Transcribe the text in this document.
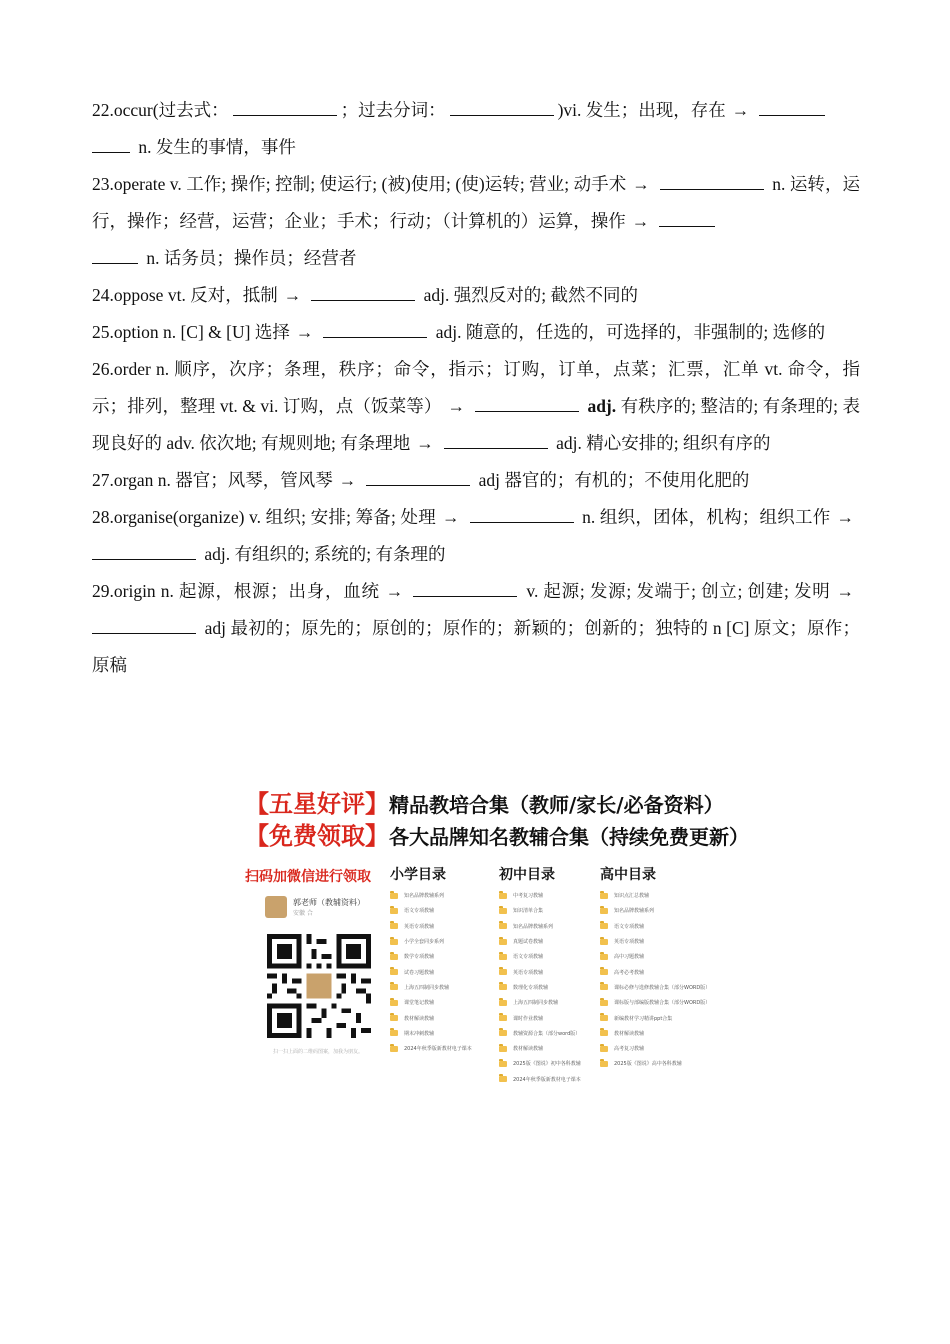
22.occur(过去式：	；过去分词：	)vi. 发生；出现，存在 →
n. 发生的事情，事件

23.operate v. 工作; 操作; 控制; 使运行; (被)使用; (使)运转; 营业; 动手术 →	n. 运转，运行，操作；经营，运营；企业；手术；行动；（计算机的）运算，操作 →
n. 话务员；操作员；经营者

24.oppose vt. 反对，抵制 →	adj. 强烈反对的; 截然不同的

25.option n. [C] & [U] 选择 →	adj. 随意的，任选的，可选择的，非强制的; 选修的

26.order n. 顺序，次序；条理，秩序；命令，指示；订购，订单，点菜；汇票，汇单 vt. 命令，指示；排列，整理 vt. & vi. 订购，点（饭菜等） →	adj. 有秩序的; 整洁的; 有条理的; 表现良好的 adv. 依次地; 有规则地; 有条理地 →	adj. 精心安排的; 组织有序的

27.organ n. 器官；风琴，管风琴 →	adj 器官的；有机的；不使用化肥的

28.organise(organize) v. 组织; 安排; 筹备; 处理 →	n. 组织，团体，机构；组织工作 → adj. 有组织的; 系统的; 有条理的

29.origin n. 起源，根源；出身，血统 →	v. 起源; 发源; 发端于; 创立; 创建; 发明 → adj 最初的；原先的；原创的；原作的；新颖的；创新的；独特的 n [C] 原文；原作；原稿

【五星好评】精品教培合集（教师/家长/必备资料）
【免费领取】各大品牌知名教辅合集（持续免费更新）
扫码加微信进行领取
郭老师（教辅资料）
安徽 合
扫一扫上面的二维码图案，加我为朋友。
小学目录
知名品牌教辅系列
语文专项教辅
英语专项教辅
小学全套同步系列
数学专项教辅
试卷习题教辅
上海五四制同步教辅
课堂笔记教辅
教材解读教辅
期末冲刺教辅
2024年秋季版新教材电子课本
初中目录
中考复习教辅
知识清单合集
知名品牌教辅系列
真题试卷教辅
语文专项教辅
英语专项教辅
数理化专项教辅
上海五四制同步教辅
课时作业教辅
教辅资源合集（部分word版）
教材解读教辅
2025版《图说》初中各科教辅
2024年秋季版新教材电子课本
高中目录
知识点汇总教辅
知名品牌教辅系列
语文专项教辅
英语专项教辅
高中习题教辅
高考必考教辅
课标必修与选修教辅合集（部分WORD版）
课标版与部编版教辅合集（部分WORD版）
新编教材学习精讲ppt合集
教材解读教辅
高考复习教辅
2025版《图说》高中各科教辅
